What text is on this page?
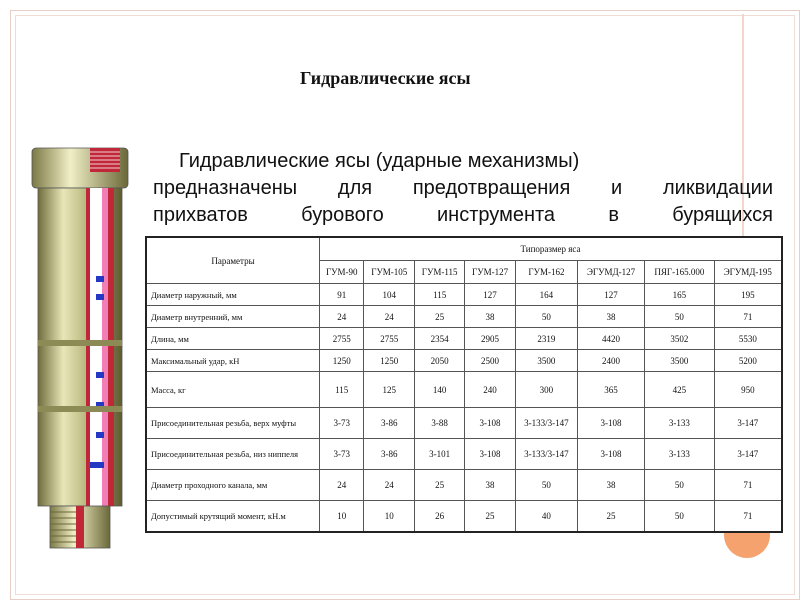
Гидравлические ясы
Гидравлические ясы (ударные механизмы)
предназначены для предотвращения и ликвидации
прихватов бурового инструмента в бурящихся
Параметры	Типоразмер яса							
	ГУМ-90	ГУМ-105	ГУМ-115	ГУМ-127	ГУМ-162	ЭГУМД-127	ПЯГ-165.000	ЭГУМД-195
Диаметр наружный, мм	91	104	115	127	164	127	165	195
Диаметр внутренний, мм	24	24	25	38	50	38	50	71
Длина, мм	2755	2755	2354	2905	2319	4420	3502	5530
Максимальный удар, кН	1250	1250	2050	2500	3500	2400	3500	5200
Масса, кг	115	125	140	240	300	365	425	950
Присоединительная резьба, верх муфты	3-73	3-86	3-88	3-108	3-133/3-147	3-108	3-133	3-147
Присоединительная резьба, низ ниппеля	3-73	3-86	3-101	3-108	3-133/3-147	3-108	3-133	3-147
Диаметр проходного канала, мм	24	24	25	38	50	38	50	71
Допустимый крутящий момент, кН.м	10	10	26	25	40	25	50	71
